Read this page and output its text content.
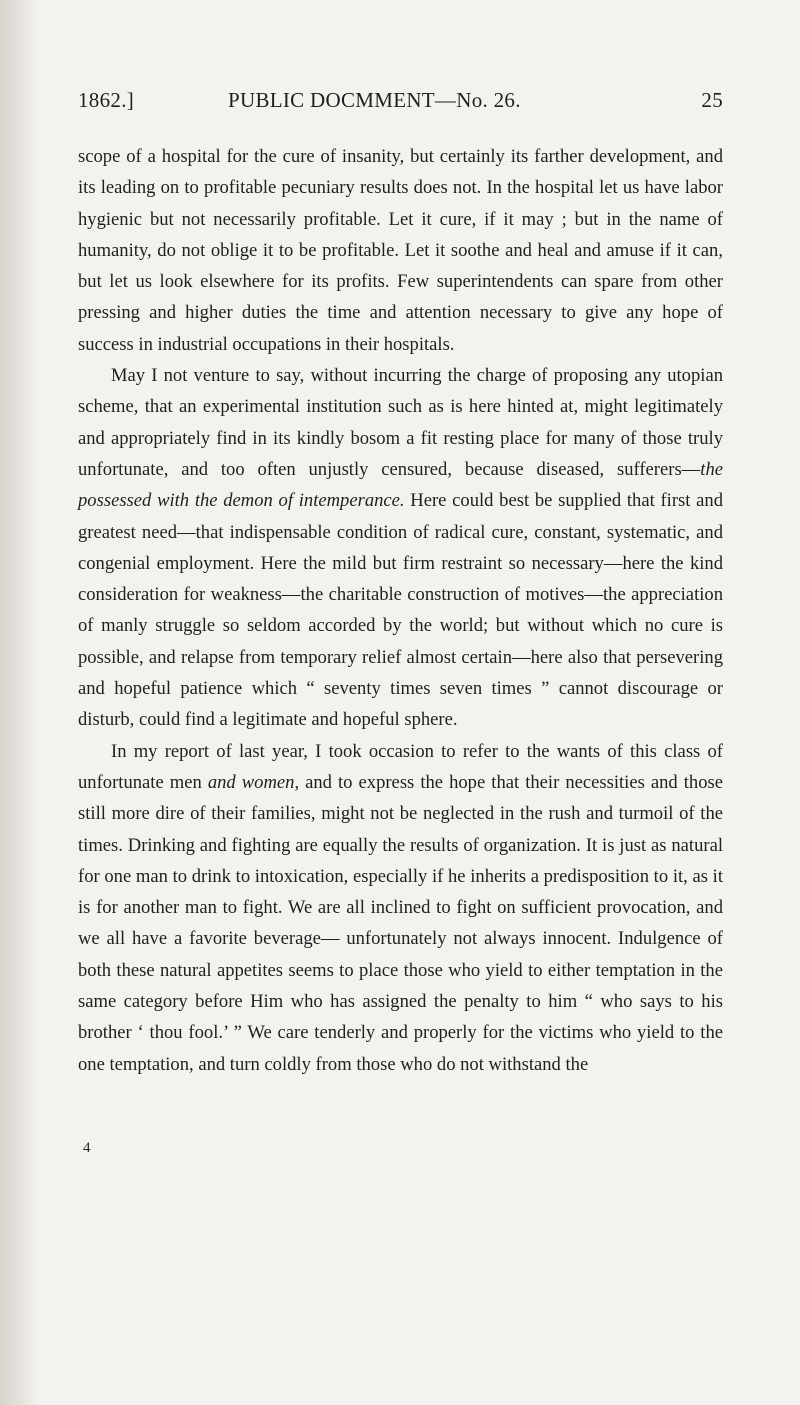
1862.]	PUBLIC DOCMMENT—No. 26.	25

scope of a hospital for the cure of insanity, but certainly its farther development, and its leading on to profitable pecuniary results does not. In the hospital let us have labor hygienic but not necessarily profitable. Let it cure, if it may ; but in the name of humanity, do not oblige it to be profitable. Let it soothe and heal and amuse if it can, but let us look elsewhere for its profits. Few superintendents can spare from other pressing and higher duties the time and attention necessary to give any hope of success in industrial occupations in their hospitals.

May I not venture to say, without incurring the charge of proposing any utopian scheme, that an experimental institution such as is here hinted at, might legitimately and appropriately find in its kindly bosom a fit resting place for many of those truly unfortunate, and too often unjustly censured, because diseased, sufferers—the possessed with the demon of intemperance. Here could best be supplied that first and greatest need—that indispensable condition of radical cure, constant, systematic, and congenial employment. Here the mild but firm restraint so necessary—here the kind consideration for weakness—the charitable construction of motives—the appreciation of manly struggle so seldom accorded by the world; but without which no cure is possible, and relapse from temporary relief almost certain—here also that persevering and hopeful patience which “ seventy times seven times ” cannot discourage or disturb, could find a legitimate and hopeful sphere.

In my report of last year, I took occasion to refer to the wants of this class of unfortunate men and women, and to express the hope that their necessities and those still more dire of their families, might not be neglected in the rush and turmoil of the times. Drinking and fighting are equally the results of organization. It is just as natural for one man to drink to intoxication, especially if he inherits a predisposition to it, as it is for another man to fight. We are all inclined to fight on sufficient provocation, and we all have a favorite beverage— unfortunately not always innocent. Indulgence of both these natural appetites seems to place those who yield to either temptation in the same category before Him who has assigned the penalty to him “ who says to his brother ‘ thou fool.’ ” We care tenderly and properly for the victims who yield to the one temptation, and turn coldly from those who do not withstand the

4
